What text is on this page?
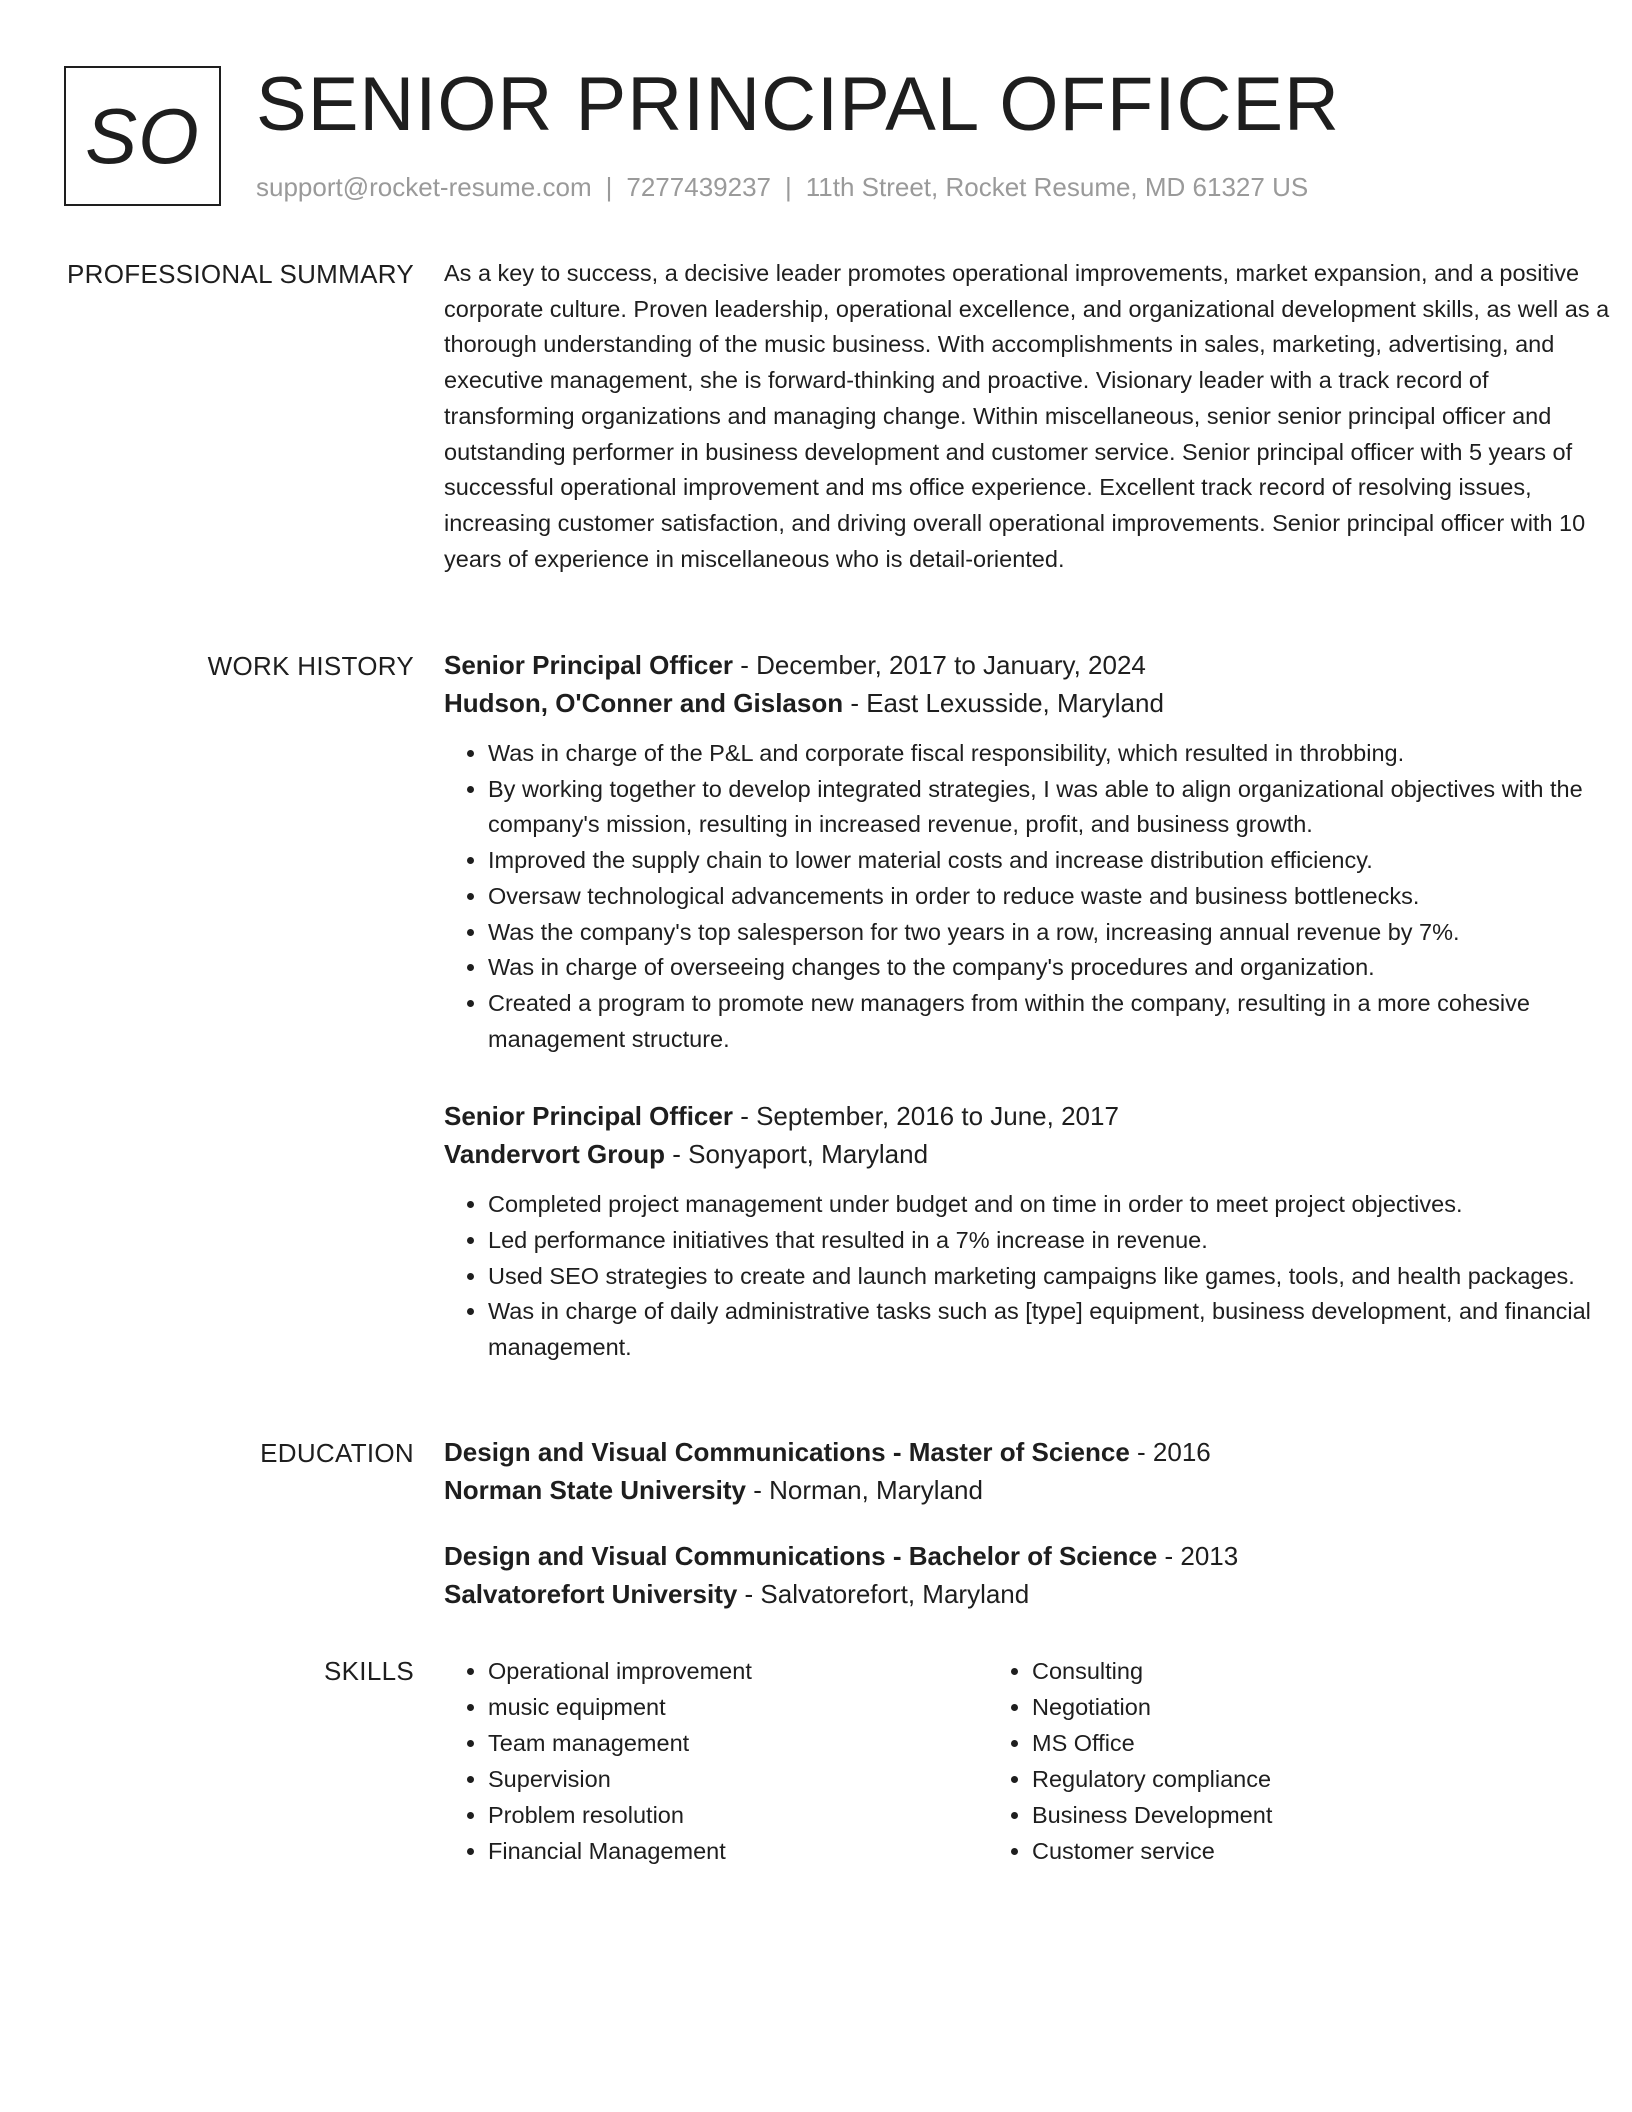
SO SENIOR PRINCIPAL OFFICER
support@rocket-resume.com | 7277439237 | 11th Street, Rocket Resume, MD 61327 US
PROFESSIONAL SUMMARY As a key to success, a decisive leader promotes operational improvements, market expansion, and a positive corporate culture. Proven leadership, operational excellence, and organizational development skills, as well as a thorough understanding of the music business. With accomplishments in sales, marketing, advertising, and executive management, she is forward-thinking and proactive. Visionary leader with a track record of transforming organizations and managing change. Within miscellaneous, senior senior principal officer and outstanding performer in business development and customer service. Senior principal officer with 5 years of successful operational improvement and ms office experience. Excellent track record of resolving issues, increasing customer satisfaction, and driving overall operational improvements. Senior principal officer with 10 years of experience in miscellaneous who is detail-oriented.

WORK HISTORY Senior Principal Officer - December, 2017 to January, 2024
Hudson, O'Conner and Gislason - East Lexusside, Maryland
• Was in charge of the P&L and corporate fiscal responsibility, which resulted in throbbing.
• By working together to develop integrated strategies, I was able to align organizational objectives with the company's mission, resulting in increased revenue, profit, and business growth.
• Improved the supply chain to lower material costs and increase distribution efficiency.
• Oversaw technological advancements in order to reduce waste and business bottlenecks.
• Was the company's top salesperson for two years in a row, increasing annual revenue by 7%.
• Was in charge of overseeing changes to the company's procedures and organization.
• Created a program to promote new managers from within the company, resulting in a more cohesive management structure.
Senior Principal Officer - September, 2016 to June, 2017
Vandervort Group - Sonyaport, Maryland
• Completed project management under budget and on time in order to meet project objectives.
• Led performance initiatives that resulted in a 7% increase in revenue.
• Used SEO strategies to create and launch marketing campaigns like games, tools, and health packages.
• Was in charge of daily administrative tasks such as [type] equipment, business development, and financial management.
EDUCATION Design and Visual Communications - Master of Science - 2016
Norman State University - Norman, Maryland
Design and Visual Communications - Bachelor of Science - 2013
Salvatorefort University - Salvatorefort, Maryland
SKILLS
•	Operational improvement
• music equipment
• Team management
• Supervision
• Problem resolution
• Financial Management
• Consulting
• Negotiation
• MS Office
• Regulatory compliance
• Business Development
• Customer service
